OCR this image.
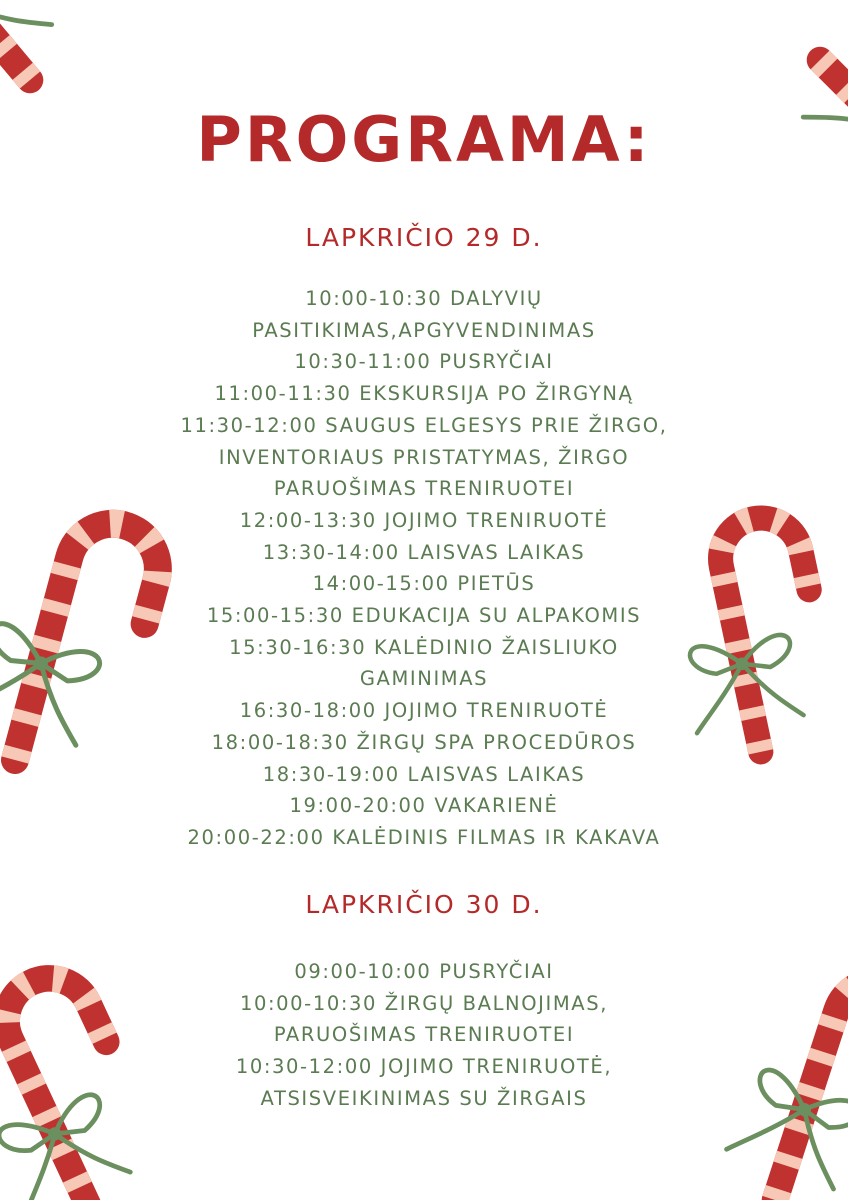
PROGRAMA:
LAPKRIČIO 29 D.
10:00-10:30 DALYVIŲ
PASITIKIMAS,APGYVENDINIMAS
10:30-11:00 PUSRYČIAI
11:00-11:30 EKSKURSIJA PO ŽIRGYNĄ
11:30-12:00 SAUGUS ELGESYS PRIE ŽIRGO,
INVENTORIAUS PRISTATYMAS, ŽIRGO
PARUOŠIMAS TRENIRUOTEI
12:00-13:30 JOJIMO TRENIRUOTĖ
13:30-14:00 LAISVAS LAIKAS
14:00-15:00 PIETŪS
15:00-15:30 EDUKACIJA SU ALPAKOMIS
15:30-16:30 KALĖDINIO ŽAISLIUKO
GAMINIMAS
16:30-18:00 JOJIMO TRENIRUOTĖ
18:00-18:30 ŽIRGŲ SPA PROCEDŪROS
18:30-19:00 LAISVAS LAIKAS
19:00-20:00 VAKARIENĖ
20:00-22:00 KALĖDINIS FILMAS IR KAKAVA
LAPKRIČIO 30 D.
09:00-10:00 PUSRYČIAI
10:00-10:30 ŽIRGŲ BALNOJIMAS,
PARUOŠIMAS TRENIRUOTEI
10:30-12:00 JOJIMO TRENIRUOTĖ,
ATSISVEIKINIMAS SU ŽIRGAIS
